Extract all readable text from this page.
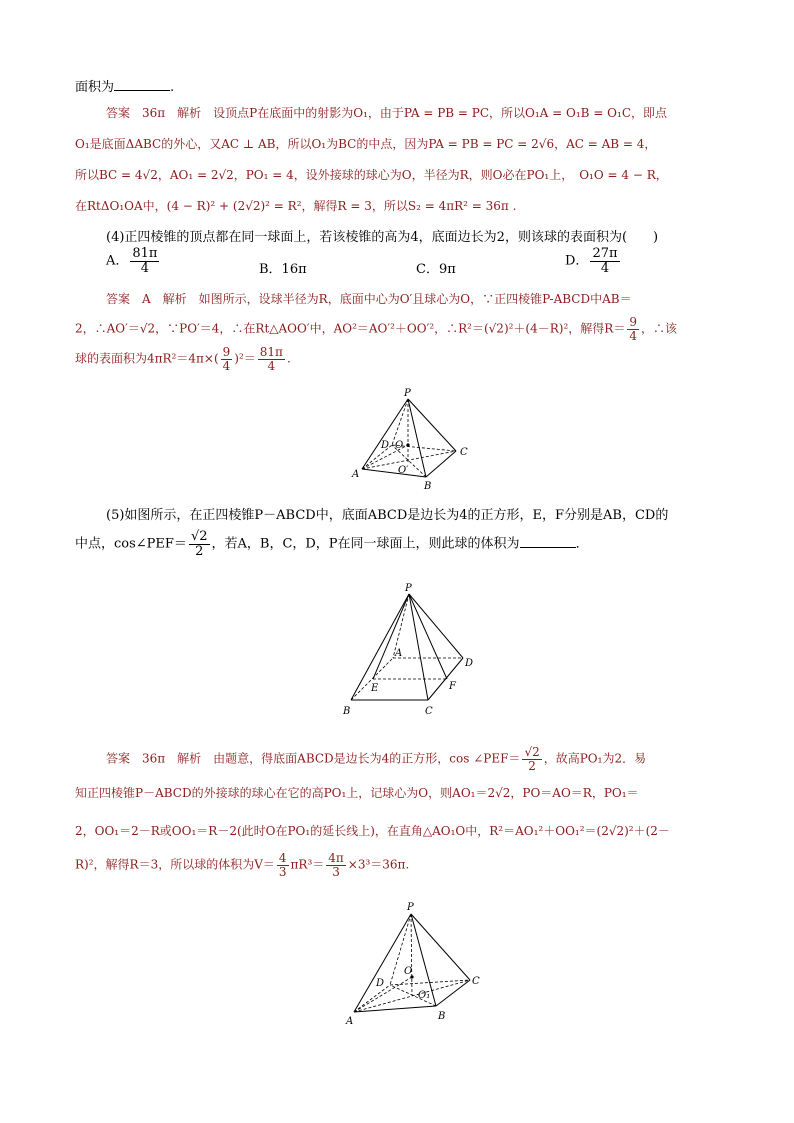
面积为	.
答案　36π　解析　设顶点P在底面中的射影为O₁，由于PA = PB = PC，所以O₁A = O₁B = O₁C，即点
O₁是底面ΔABC的外心，又AC ⊥ AB，所以O₁为BC的中点，因为PA = PB = PC = 2√6，AC = AB = 4，
所以BC = 4√2，AO₁ = 2√2，PO₁ = 4，设外接球的球心为O，半径为R，则O必在PO₁上，　O₁O = 4 − R，
在RtΔO₁OA中，(4 − R)² + (2√2)² = R²，解得R = 3，所以S₂ = 4πR² = 36π .
(4)正四棱锥的顶点都在同一球面上，若该棱锥的高为4，底面边长为2，则该球的表面积为(　　)
A． $\frac{81\pi}{4}$	B．16π	C．9π
D． $\frac{27\pi}{4}$
答案　A　解析　如图所示，设球半径为R，底面中心为O′且球心为O，∵正四棱锥P-ABCD中AB＝
2，∴AO′＝√2，∵PO′＝4，∴在Rt△AOO′中，AO²＝AO′²＋OO′²，∴R²＝(√2)²＋(4－R)²，解得$R= \frac{9}{4}$ ，∴该
球的表面积为$4\pi R^2=4\pi\times( \frac{9}{4} )^2= \frac{81\pi}{4}$ .
P
D O
O′
A
B
C
(5)如图所示，在正四棱锥P－ABCD中，底面ABCD是边长为4的正方形，E，F分别是AB，CD的
中点，cos∠PEF＝ $\frac{√2}{2}$ ，若A，B，C，D，P在同一球面上，则此球的体积为	．
P
A
D
E	F
B	C
答案　36π　解析　由题意，得底面ABCD是边长为4的正方形，cos ∠PEF＝ $\frac{√2}{2}$ ，故高PO₁为2．易
知正四棱锥P－ABCD的外接球的球心在它的高PO₁上，记球心为O，则AO₁＝2√2，PO＝AO＝R，PO₁＝
2，OO₁＝2－R或OO₁＝R－2(此时O在PO₁的延长线上)，在直角△AO₁O中，R²＝AO₁²＋OO₁²＝(2√2)²＋(2－
R)²，解得R＝3，所以球的体积为$V= \frac{4}{3} \pi R^3= \frac{4\pi}{3} \times 3^3=36\pi$.
P
O
D	C
O₁
A	B
